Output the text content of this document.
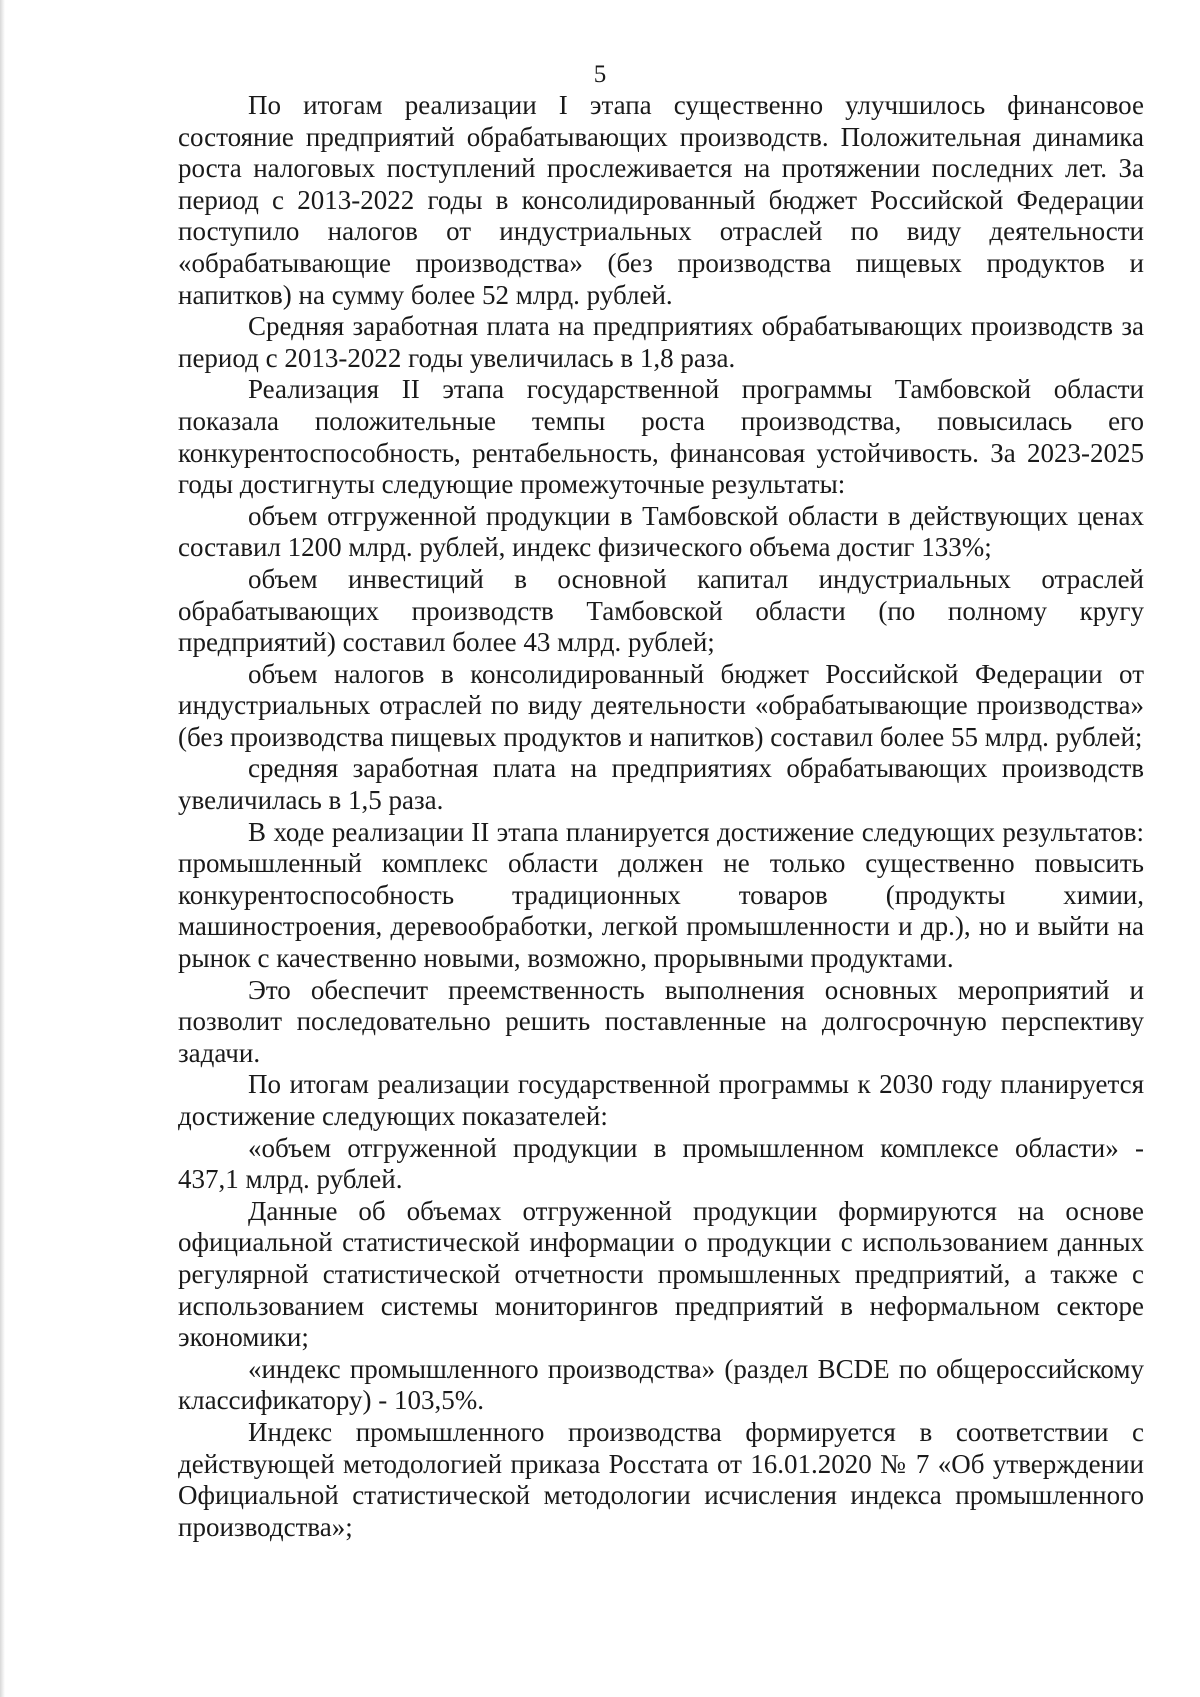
5

По итогам реализации I этапа существенно улучшилось финансовое состояние предприятий обрабатывающих производств. Положительная динамика роста налоговых поступлений прослеживается на протяжении последних лет. За период с 2013-2022 годы в консолидированный бюджет Российской Федерации поступило налогов от индустриальных отраслей по виду деятельности «обрабатывающие производства» (без производства пищевых продуктов и напитков) на сумму более 52 млрд. рублей.

Средняя заработная плата на предприятиях обрабатывающих производств за период с 2013-2022 годы увеличилась в 1,8 раза.

Реализация II этапа государственной программы Тамбовской области показала положительные темпы роста производства, повысилась его конкурентоспособность, рентабельность, финансовая устойчивость. За 2023-2025 годы достигнуты следующие промежуточные результаты:

объем отгруженной продукции в Тамбовской области в действующих ценах составил 1200 млрд. рублей, индекс физического объема достиг 133%;

объем инвестиций в основной капитал индустриальных отраслей обрабатывающих производств Тамбовской области (по полному кругу предприятий) составил более 43 млрд. рублей;

объем налогов в консолидированный бюджет Российской Федерации от индустриальных отраслей по виду деятельности «обрабатывающие производства» (без производства пищевых продуктов и напитков) составил более 55 млрд. рублей;

средняя заработная плата на предприятиях обрабатывающих производств увеличилась в 1,5 раза.

В ходе реализации II этапа планируется достижение следующих результатов: промышленный комплекс области должен не только существенно повысить конкурентоспособность традиционных товаров (продукты химии, машиностроения, деревообработки, легкой промышленности и др.), но и выйти на рынок с качественно новыми, возможно, прорывными продуктами.

Это обеспечит преемственность выполнения основных мероприятий и позволит последовательно решить поставленные на долгосрочную перспективу задачи.

По итогам реализации государственной программы к 2030 году планируется достижение следующих показателей:

«объем отгруженной продукции в промышленном комплексе области» - 437,1 млрд. рублей.

Данные об объемах отгруженной продукции формируются на основе официальной статистической информации о продукции с использованием данных регулярной статистической отчетности промышленных предприятий, а также с использованием системы мониторингов предприятий в неформальном секторе экономики;

«индекс промышленного производства» (раздел BCDE по общероссийскому классификатору) - 103,5%.

Индекс промышленного производства формируется в соответствии с действующей методологией приказа Росстата от 16.01.2020 № 7 «Об утверждении Официальной статистической методологии исчисления индекса промышленного производства»;
